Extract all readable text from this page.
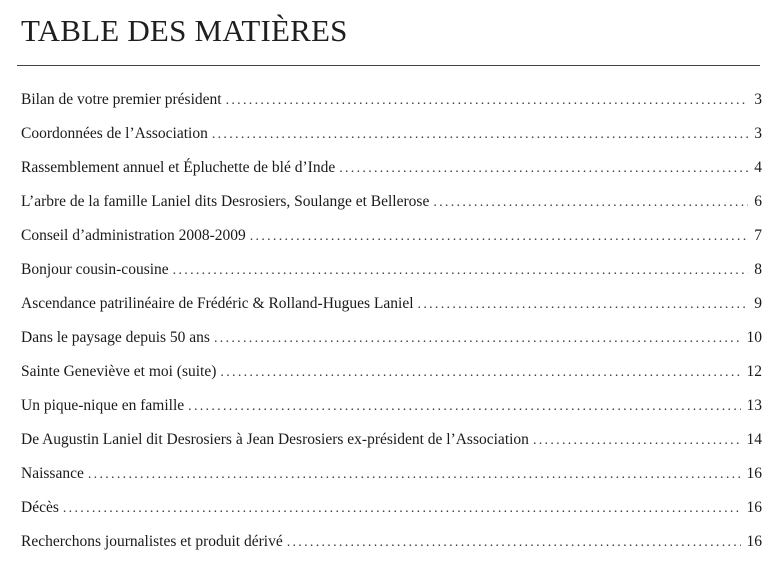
TABLE DES MATIÈRES
Bilan de votre premier président . . .	3
Coordonnées de l’Association . . .	3
Rassemblement annuel et Épluchette de blé d’Inde . . .	4
L’arbre de la famille Laniel dits Desrosiers, Soulange et Bellerose . . .	6
Conseil d’administration 2008-2009 . . .	7
Bonjour cousin-cousine . . .	8
Ascendance patrilinéaire de Frédéric & Rolland-Hugues Laniel . . .	9
Dans le paysage depuis 50 ans . . .	10
Sainte Geneviève et moi (suite) . . .	12
Un pique-nique en famille . . .	13
De Augustin Laniel dit Desrosiers à Jean Desrosiers ex-président de l’Association . . .	14
Naissance . . .	16
Décès . . .	16
Recherchons journalistes et produit dérivé . . .	16
